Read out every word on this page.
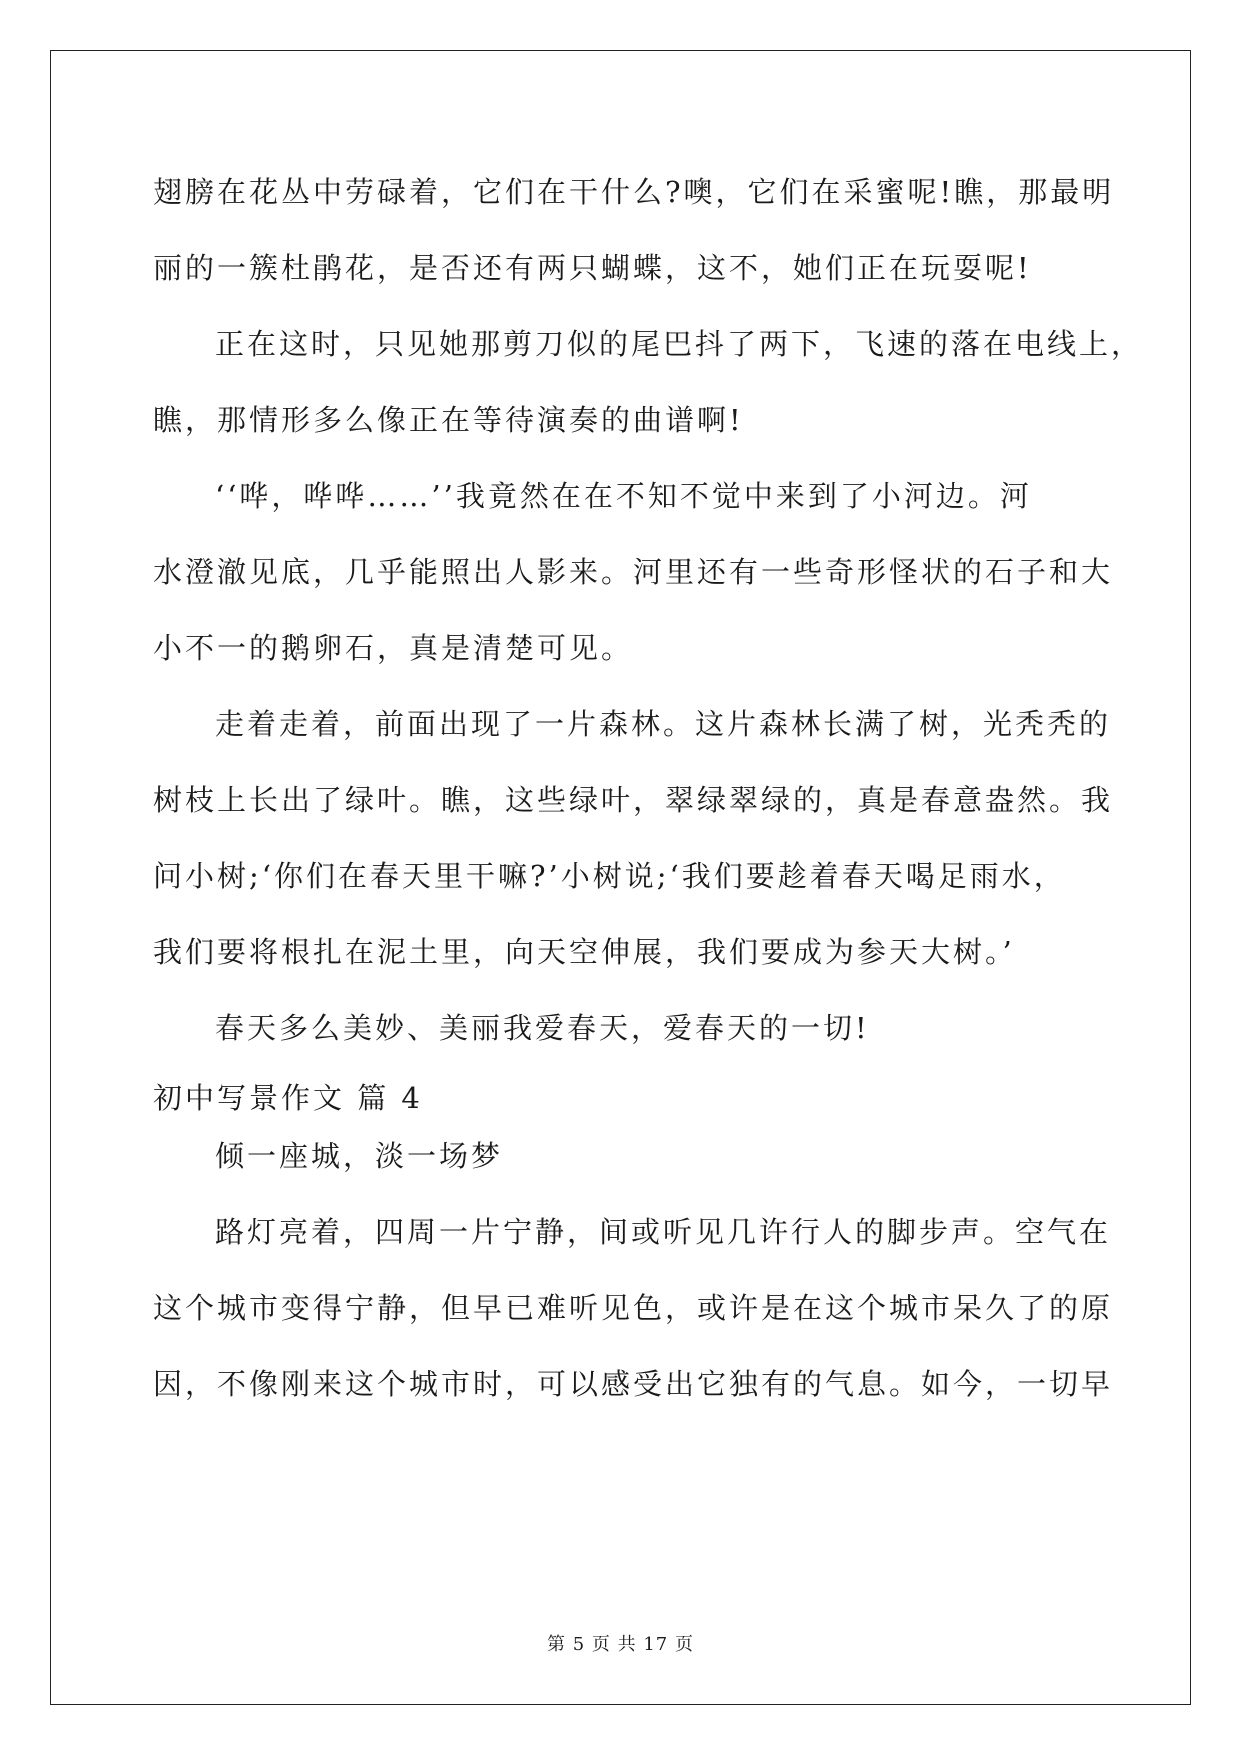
翅膀在花丛中劳碌着，它们在干什么?噢，它们在采蜜呢!瞧，那最明
丽的一簇杜鹃花，是否还有两只蝴蝶，这不，她们正在玩耍呢!
正在这时，只见她那剪刀似的尾巴抖了两下，飞速的落在电线上，
瞧，那情形多么像正在等待演奏的曲谱啊!
‘‘哗，哗哗……’’我竟然在在不知不觉中来到了小河边。河
水澄澈见底，几乎能照出人影来。河里还有一些奇形怪状的石子和大
小不一的鹅卵石，真是清楚可见。
走着走着，前面出现了一片森林。这片森林长满了树，光秃秃的
树枝上长出了绿叶。瞧，这些绿叶，翠绿翠绿的，真是春意盎然。我
问小树;‘你们在春天里干嘛?’小树说;‘我们要趁着春天喝足雨水，
我们要将根扎在泥土里，向天空伸展，我们要成为参天大树。’
春天多么美妙、美丽我爱春天，爱春天的一切!
初中写景作文 篇 4
倾一座城，淡一场梦
路灯亮着，四周一片宁静，间或听见几许行人的脚步声。空气在
这个城市变得宁静，但早已难听见色，或许是在这个城市呆久了的原
因，不像刚来这个城市时，可以感受出它独有的气息。如今，一切早
第 5 页 共 17 页
